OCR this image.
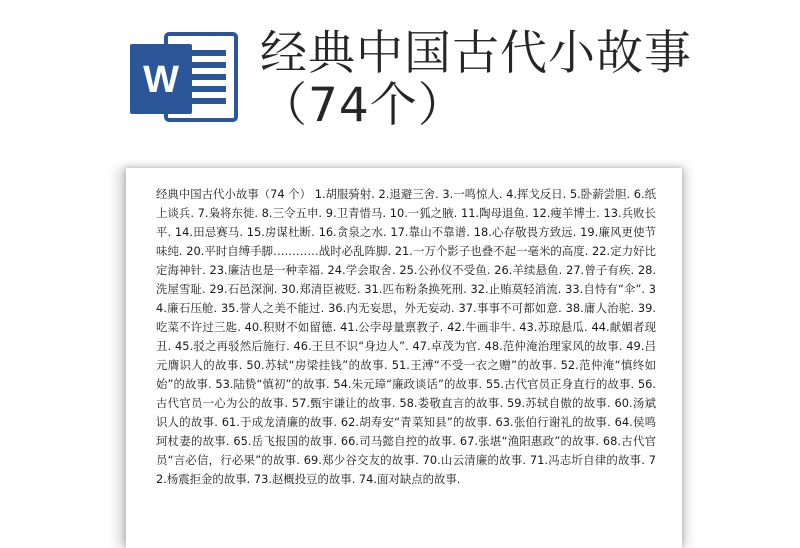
W 经典中国古代小故事
（74个）

经典中国古代小故事（74 个） 1.胡服骑射. 2.退避三舍. 3.一鸣惊人. 4.挥戈反日. 5.卧薪尝胆. 6.纸上谈兵. 7.枭将东徙. 8.三令五申. 9.卫青惜马. 10.一狐之腋. 11.陶母退鱼. 12.瘦羊博士. 13.兵败长平. 14.田忌赛马. 15.房谋杜断. 16.贪泉之水. 17.靠山不靠谱. 18.心存敬畏方致远. 19.廉风更使节味纯. 20.平时自缚手脚…………战时必乱阵脚. 21.一万个影子也叠不起一毫米的高度. 22.定力好比定海神针. 23.廉洁也是一种幸福. 24.学会取舍. 25.公孙仪不受鱼. 26.羊续悬鱼. 27.曾子有疾. 28.洗屋雪耻. 29.石邑深涧. 30.郑清臣被贬. 31.匹布粉条换死刑. 32.止贿莫轻消流. 33.自恃有“伞”. 34.廉石压舱. 35.誉人之美不能过. 36.内无妄思，外无妄动. 37.事事不可都如意. 38.庸人治驼. 39.吃菜不许过三匙. 40.积财不如留德. 41.公孛母量禀教子. 42.牛画非牛. 43.苏琼悬瓜. 44.献媚者现丑. 45.驳之再驳然后施行. 46.王旦不识“身边人”. 47.卓茂为官. 48.范仲淹治理家风的故事. 49.吕元膺识人的故事. 50.苏轼“房梁挂钱”的故事. 51.王溥“不受一衣之赠”的故事. 52.范仲淹“慎终如始”的故事. 53.陆贽“慎初”的故事. 54.朱元璋“廉政谈话”的故事. 55.古代官员正身直行的故事. 56.古代官员一心为公的故事. 57.甄宇谦让的故事. 58.娄敬直言的故事. 59.苏轼自傲的故事. 60.汤斌识人的故事. 61.于成龙清廉的故事. 62.胡寿安“青菜知县”的故事. 63.张伯行谢礼的故事. 64.侯鸣珂杖妻的故事. 65.岳飞报国的故事. 66.司马懿自控的故事. 67.张堪“渔阳惠政”的故事. 68.古代官员“言必信，行必果”的故事. 69.郑少谷交友的故事. 70.山云清廉的故事. 71.冯志圻自律的故事. 72.杨震拒金的故事. 73.赵概投豆的故事. 74.面对缺点的故事.
